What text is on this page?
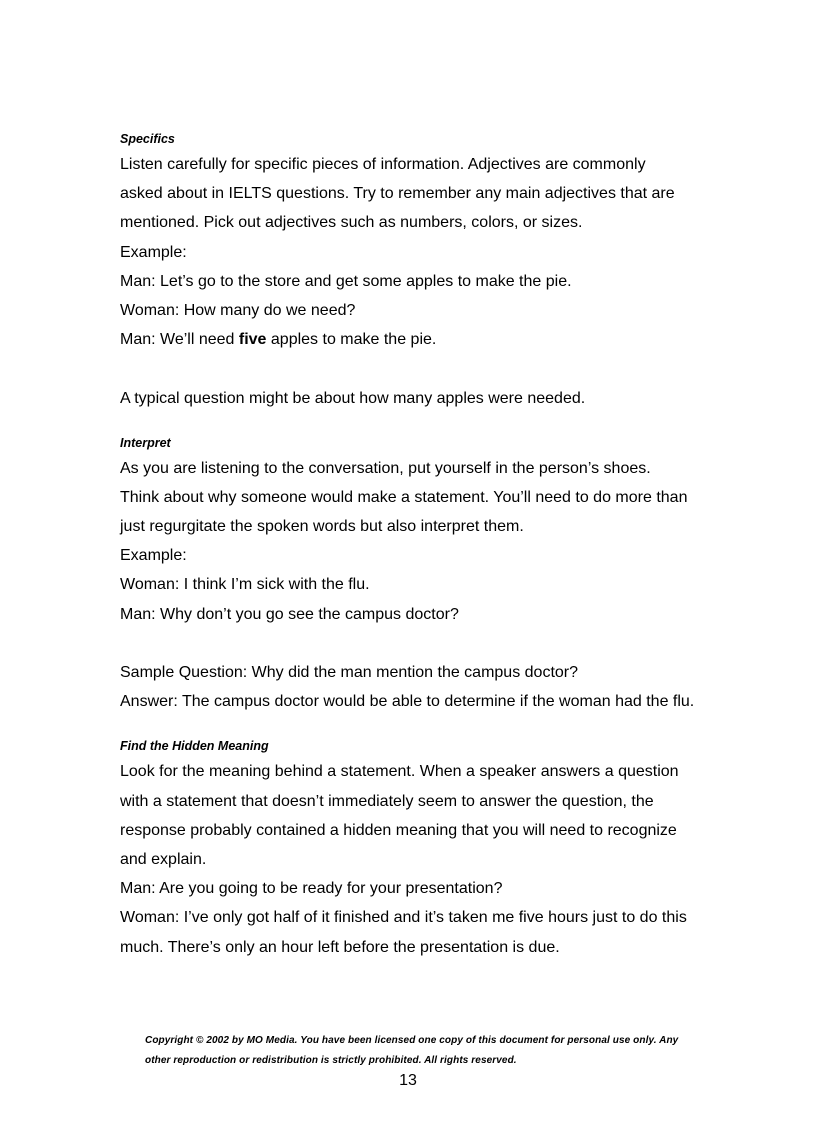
Specifics
Listen carefully for specific pieces of information. Adjectives are commonly
asked about in IELTS questions. Try to remember any main adjectives that are
mentioned. Pick out adjectives such as numbers, colors, or sizes.
Example:
Man: Let’s go to the store and get some apples to make the pie.
Woman: How many do we need?
Man: We’ll need five apples to make the pie.
A typical question might be about how many apples were needed.
Interpret
As you are listening to the conversation, put yourself in the person’s shoes.
Think about why someone would make a statement. You’ll need to do more than
just regurgitate the spoken words but also interpret them.
Example:
Woman: I think I’m sick with the flu.
Man: Why don’t you go see the campus doctor?
Sample Question: Why did the man mention the campus doctor?
Answer: The campus doctor would be able to determine if the woman had the flu.
Find the Hidden Meaning
Look for the meaning behind a statement. When a speaker answers a question
with a statement that doesn’t immediately seem to answer the question, the
response probably contained a hidden meaning that you will need to recognize
and explain.
Man: Are you going to be ready for your presentation?
Woman: I’ve only got half of it finished and it’s taken me five hours just to do this
much. There’s only an hour left before the presentation is due.
Copyright © 2002 by MO Media. You have been licensed one copy of this document for personal use only. Any
other reproduction or redistribution is strictly prohibited. All rights reserved.
13
